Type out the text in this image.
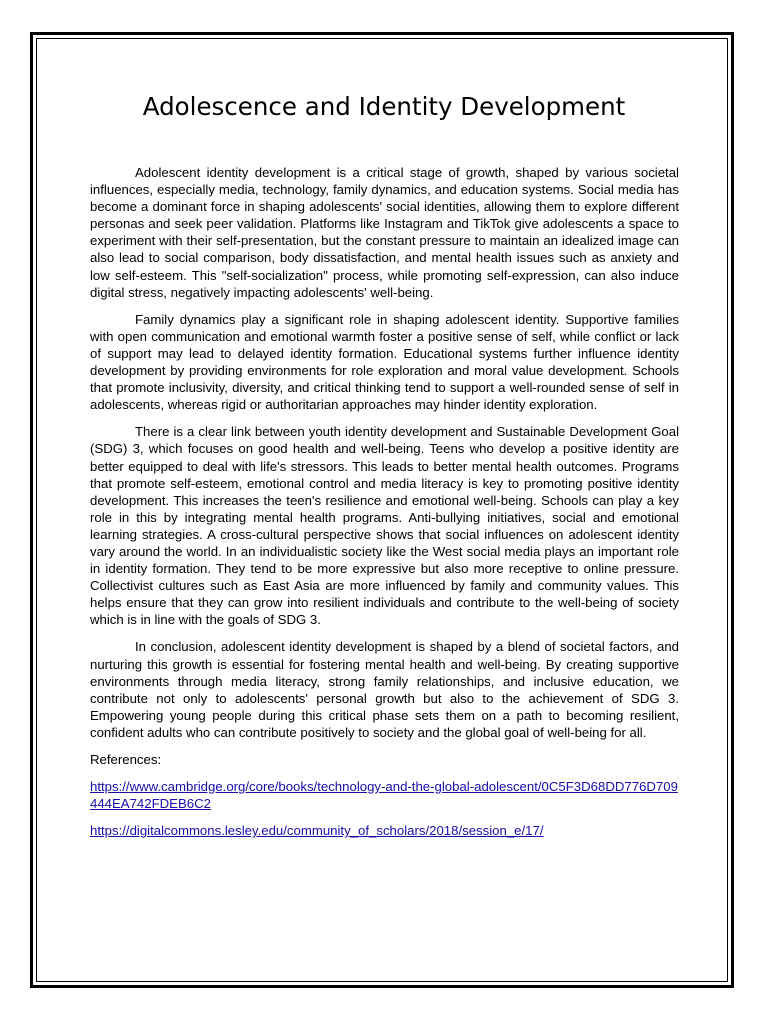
Adolescence and Identity Development

Adolescent identity development is a critical stage of growth, shaped by various societal influences, especially media, technology, family dynamics, and education systems. Social media has become a dominant force in shaping adolescents' social identities, allowing them to explore different personas and seek peer validation. Platforms like Instagram and TikTok give adolescents a space to experiment with their self-presentation, but the constant pressure to maintain an idealized image can also lead to social comparison, body dissatisfaction, and mental health issues such as anxiety and low self-esteem. This "self-socialization" process, while promoting self-expression, can also induce digital stress, negatively impacting adolescents' well-being.

Family dynamics play a significant role in shaping adolescent identity. Supportive families with open communication and emotional warmth foster a positive sense of self, while conflict or lack of support may lead to delayed identity formation. Educational systems further influence identity development by providing environments for role exploration and moral value development. Schools that promote inclusivity, diversity, and critical thinking tend to support a well-rounded sense of self in adolescents, whereas rigid or authoritarian approaches may hinder identity exploration.

There is a clear link between youth identity development and Sustainable Development Goal (SDG) 3, which focuses on good health and well-being. Teens who develop a positive identity are better equipped to deal with life's stressors. This leads to better mental health outcomes. Programs that promote self-esteem, emotional control and media literacy is key to promoting positive identity development. This increases the teen's resilience and emotional well-being. Schools can play a key role in this by integrating mental health programs. Anti-bullying initiatives, social and emotional learning strategies. A cross-cultural perspective shows that social influences on adolescent identity vary around the world. In an individualistic society like the West social media plays an important role in identity formation. They tend to be more expressive but also more receptive to online pressure. Collectivist cultures such as East Asia are more influenced by family and community values. This helps ensure that they can grow into resilient individuals and contribute to the well-being of society which is in line with the goals of SDG 3.

In conclusion, adolescent identity development is shaped by a blend of societal factors, and nurturing this growth is essential for fostering mental health and well-being. By creating supportive environments through media literacy, strong family relationships, and inclusive education, we contribute not only to adolescents' personal growth but also to the achievement of SDG 3. Empowering young people during this critical phase sets them on a path to becoming resilient, confident adults who can contribute positively to society and the global goal of well-being for all.

References:
https://www.cambridge.org/core/books/technology-and-the-global-adolescent/0C5F3D68DD776D709444EA742FDEB6C2
https://digitalcommons.lesley.edu/community_of_scholars/2018/session_e/17/
